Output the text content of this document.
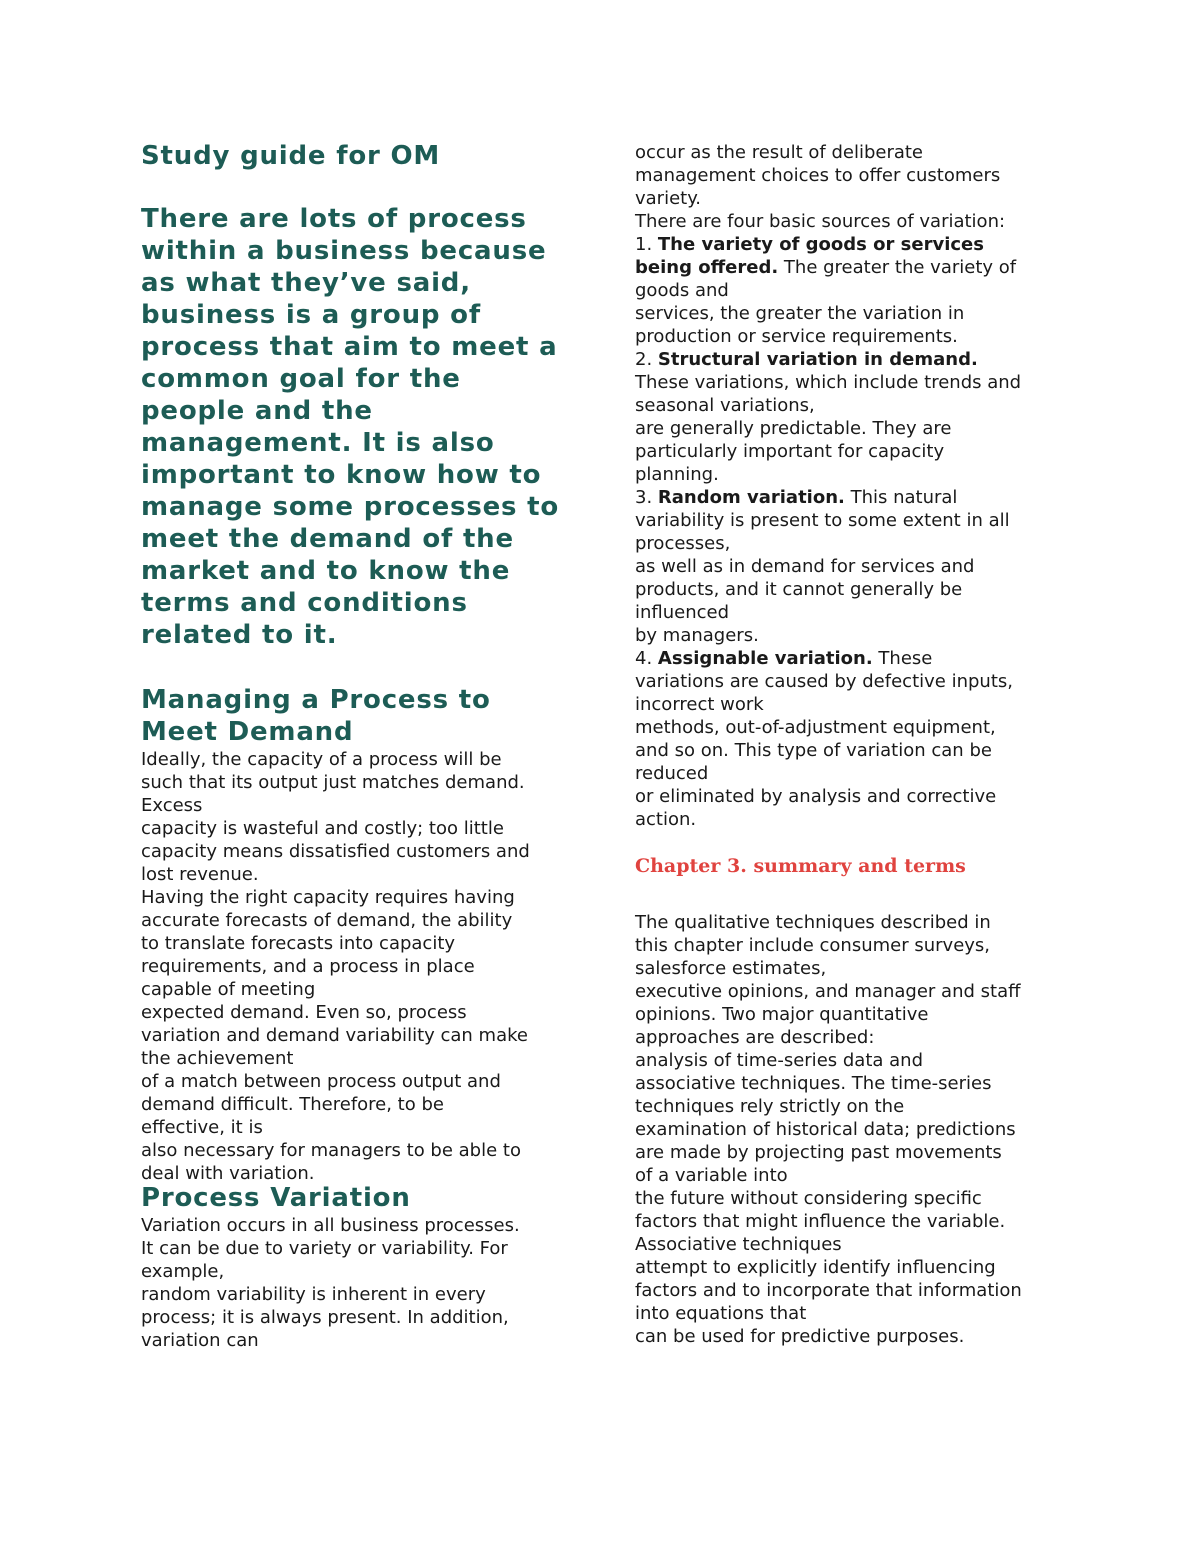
Study guide for OM

There are lots of process
within a business because
as what they’ve said,
business is a group of
process that aim to meet a
common goal for the
people and the
management. It is also
important to know how to
manage some processes to
meet the demand of the
market and to know the
terms and conditions
related to it.

Managing a Process to
Meet Demand

Ideally, the capacity of a process will be
such that its output just matches demand.
Excess
capacity is wasteful and costly; too little
capacity means dissatisfied customers and
lost revenue.
Having the right capacity requires having
accurate forecasts of demand, the ability
to translate forecasts into capacity
requirements, and a process in place
capable of meeting
expected demand. Even so, process
variation and demand variability can make
the achievement
of a match between process output and
demand difficult. Therefore, to be
effective, it is
also necessary for managers to be able to
deal with variation.

Process Variation

Variation occurs in all business processes.
It can be due to variety or variability. For
example,
random variability is inherent in every
process; it is always present. In addition,
variation can

occur as the result of deliberate
management choices to offer customers
variety.
There are four basic sources of variation:
1. The variety of goods or services
being offered. The greater the variety of
goods and
services, the greater the variation in
production or service requirements.
2. Structural variation in demand.
These variations, which include trends and
seasonal variations,
are generally predictable. They are
particularly important for capacity
planning.
3. Random variation. This natural
variability is present to some extent in all
processes,
as well as in demand for services and
products, and it cannot generally be
influenced
by managers.
4. Assignable variation. These
variations are caused by defective inputs,
incorrect work
methods, out-of-adjustment equipment,
and so on. This type of variation can be
reduced
or eliminated by analysis and corrective
action.

Chapter 3. summary and terms

The qualitative techniques described in
this chapter include consumer surveys,
salesforce estimates,
executive opinions, and manager and staff
opinions. Two major quantitative
approaches are described:
analysis of time-series data and
associative techniques. The time-series
techniques rely strictly on the
examination of historical data; predictions
are made by projecting past movements
of a variable into
the future without considering specific
factors that might influence the variable.
Associative techniques
attempt to explicitly identify influencing
factors and to incorporate that information
into equations that
can be used for predictive purposes.
